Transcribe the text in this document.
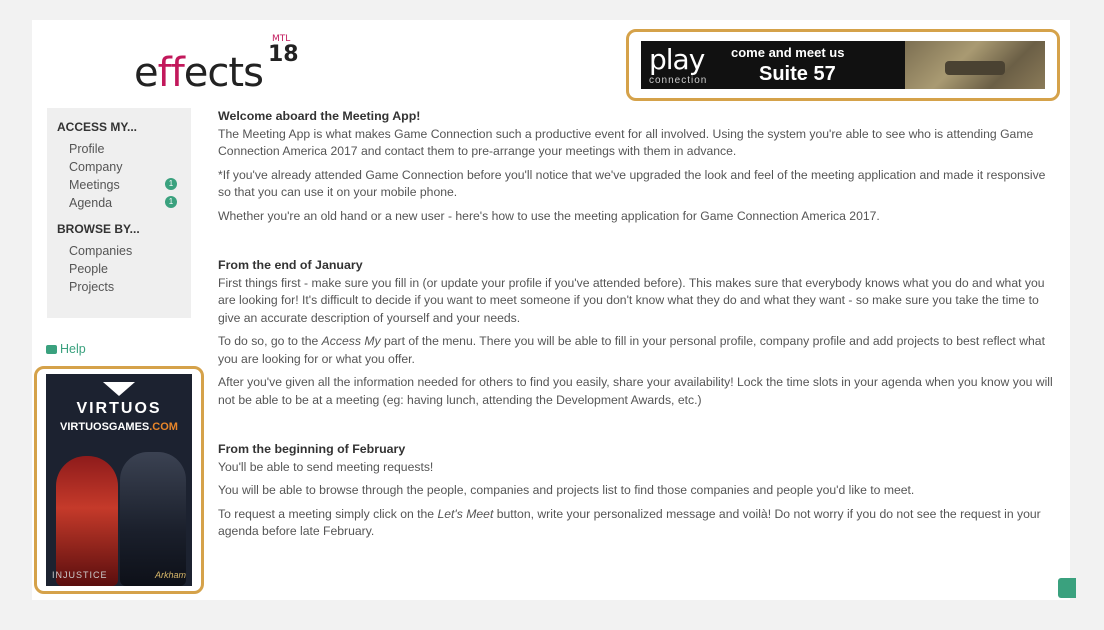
effects
MTL
18	play
connection
come and meet us
Suite 57
ACCESS MY...
Profile
Company
Meetings	1
Agenda	1
BROWSE BY...
Companies
People
Projects
Help
VIRTUOS
VIRTUOSGAMES.COM
INJUSTICE	Arkham

Welcome aboard the Meeting App!

The Meeting App is what makes Game Connection such a productive event for all involved. Using the system you're able to see who is attending Game Connection America 2017 and contact them to pre-arrange your meetings with them in advance.

*If you've already attended Game Connection before you'll notice that we've upgraded the look and feel of the meeting application and made it responsive so that you can use it on your mobile phone.

Whether you're an old hand or a new user - here's how to use the meeting application for Game Connection America 2017.

From the end of January

First things first - make sure you fill in (or update your profile if you've attended before). This makes sure that everybody knows what you do and what you are looking for! It's difficult to decide if you want to meet someone if you don't know what they do and what they want - so make sure you take the time to give an accurate description of yourself and your needs.

To do so, go to the Access My part of the menu. There you will be able to fill in your personal profile, company profile and add projects to best reflect what you are looking for or what you offer.

After you've given all the information needed for others to find you easily, share your availability! Lock the time slots in your agenda when you know you will not be able to be at a meeting (eg: having lunch, attending the Development Awards, etc.)

From the beginning of February

You'll be able to send meeting requests!

You will be able to browse through the people, companies and projects list to find those companies and people you'd like to meet.

To request a meeting simply click on the Let's Meet button, write your personalized message and voilà! Do not worry if you do not see the request in your agenda before late February.
